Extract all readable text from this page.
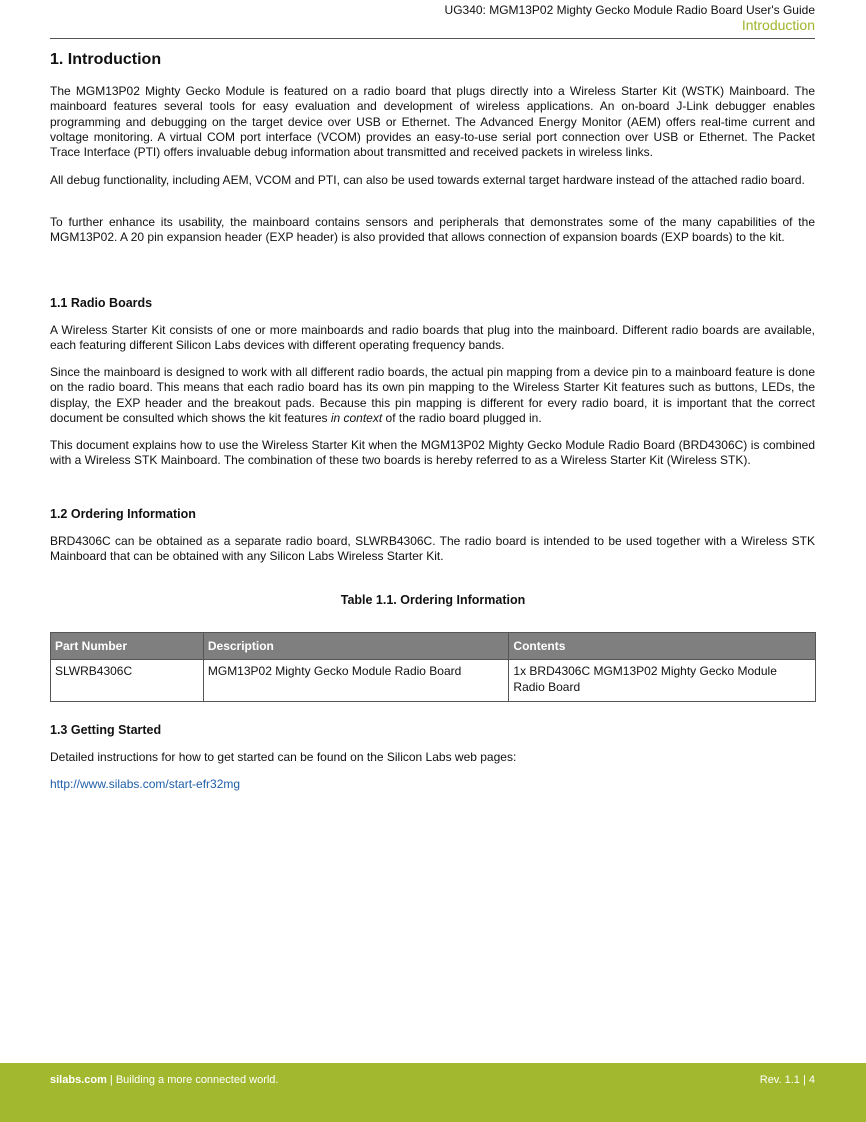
UG340: MGM13P02 Mighty Gecko Module Radio Board User's Guide
Introduction
1. Introduction

The MGM13P02 Mighty Gecko Module is featured on a radio board that plugs directly into a Wireless Starter Kit (WSTK) Mainboard. The mainboard features several tools for easy evaluation and development of wireless applications. An on-board J-Link debugger enables programming and debugging on the target device over USB or Ethernet. The Advanced Energy Monitor (AEM) offers real-time current and voltage monitoring. A virtual COM port interface (VCOM) provides an easy-to-use serial port connection over USB or Ethernet. The Packet Trace Interface (PTI) offers invaluable debug information about transmitted and received packets in wireless links.

All debug functionality, including AEM, VCOM and PTI, can also be used towards external target hardware instead of the attached radio board.

To further enhance its usability, the mainboard contains sensors and peripherals that demonstrates some of the many capabilities of the MGM13P02. A 20 pin expansion header (EXP header) is also provided that allows connection of expansion boards (EXP boards) to the kit.

1.1 Radio Boards

A Wireless Starter Kit consists of one or more mainboards and radio boards that plug into the mainboard. Different radio boards are available, each featuring different Silicon Labs devices with different operating frequency bands.

Since the mainboard is designed to work with all different radio boards, the actual pin mapping from a device pin to a mainboard feature is done on the radio board. This means that each radio board has its own pin mapping to the Wireless Starter Kit features such as buttons, LEDs, the display, the EXP header and the breakout pads. Because this pin mapping is different for every radio board, it is important that the correct document be consulted which shows the kit features in context of the radio board plugged in.

This document explains how to use the Wireless Starter Kit when the MGM13P02 Mighty Gecko Module Radio Board (BRD4306C) is combined with a Wireless STK Mainboard. The combination of these two boards is hereby referred to as a Wireless Starter Kit (Wireless STK).

1.2 Ordering Information

BRD4306C can be obtained as a separate radio board, SLWRB4306C. The radio board is intended to be used together with a Wireless STK Mainboard that can be obtained with any Silicon Labs Wireless Starter Kit.

Table 1.1. Ordering Information
Part Number	Description	Contents
SLWRB4306C	MGM13P02 Mighty Gecko Module Radio Board	1x BRD4306C MGM13P02 Mighty Gecko Module Radio Board
1.3 Getting Started

Detailed instructions for how to get started can be found on the Silicon Labs web pages:

http://www.silabs.com/start-efr32mg
silabs.com | Building a more connected world.	Rev. 1.1 | 4
